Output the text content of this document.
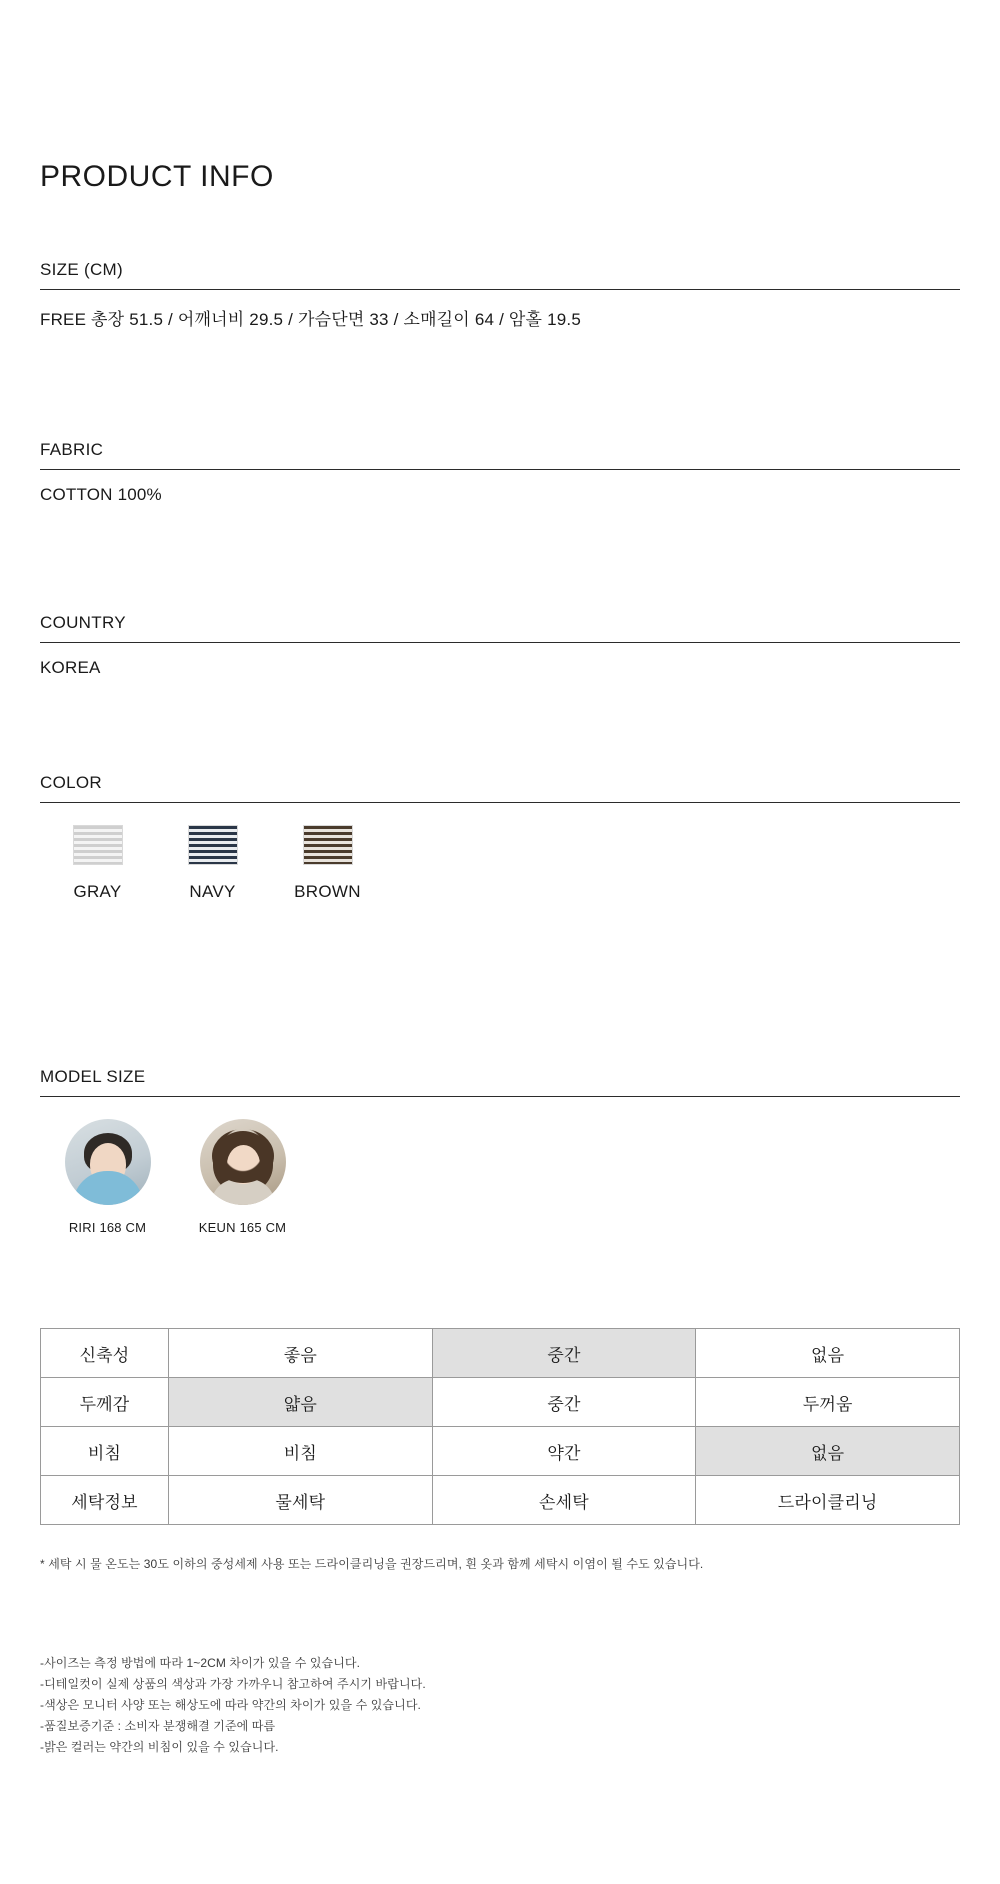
PRODUCT INFO
SIZE (CM)
FREE 총장 51.5 / 어깨너비 29.5 / 가슴단면 33 / 소매길이 64 / 암홀 19.5
FABRIC
COTTON 100%
COUNTRY
KOREA
COLOR
GRAY	NAVY	BROWN
MODEL SIZE
RIRI 168 CM	KEUN 165 CM
신축성	좋음	중간	없음
두께감	얇음	중간	두꺼움
비침	비침	약간	없음
세탁정보	물세탁	손세탁	드라이클리닝
* 세탁 시 물 온도는 30도 이하의 중성세제 사용 또는 드라이클리닝을 권장드리며, 흰 옷과 함께 세탁시 이염이 될 수도 있습니다.
-사이즈는 측정 방법에 따라 1~2CM 차이가 있을 수 있습니다.
-디테일컷이 실제 상품의 색상과 가장 가까우니 참고하여 주시기 바랍니다.
-색상은 모니터 사양 또는 해상도에 따라 약간의 차이가 있을 수 있습니다.
-품질보증기준 : 소비자 분쟁해결 기준에 따름
-밝은 컬러는 약간의 비침이 있을 수 있습니다.
